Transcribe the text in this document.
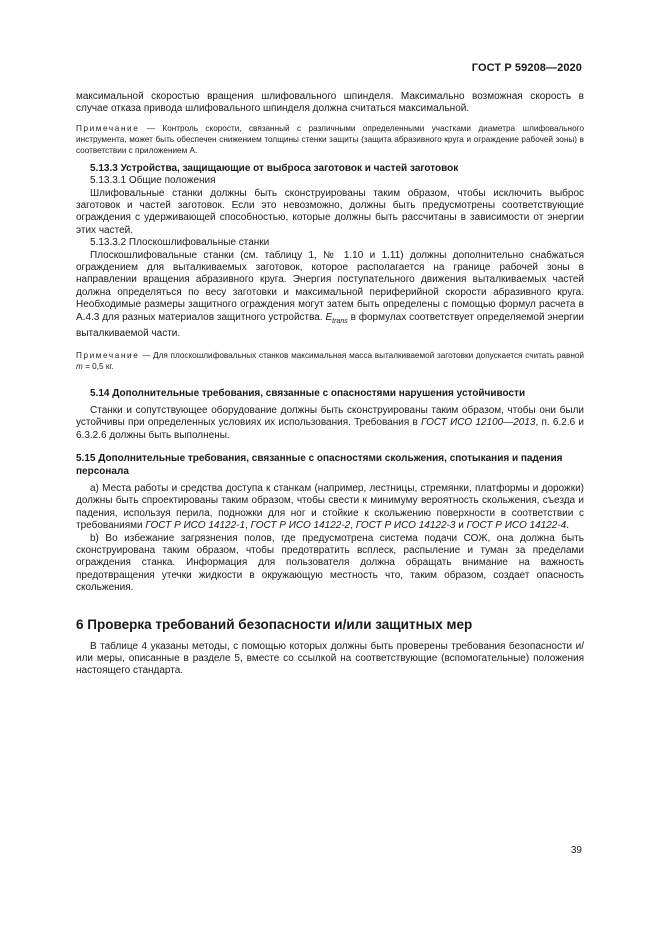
ГОСТ Р 59208—2020

максимальной скоростью вращения шлифовального шпинделя. Максимально возможная скорость в

случае отказа привода шлифовального шпинделя должна считаться максимальной.

Примечание — Контроль скорости, связанный с различными определенными участками диаметра шлифовального инструмента, может быть обеспечен снижением толщины стенки защиты (защита абразивного круга и ограждение рабочей зоны) в соответствии с приложением А.

5.13.3 Устройства, защищающие от выброса заготовок и частей заготовок

5.13.3.1 Общие положения

Шлифовальные станки должны быть сконструированы таким образом, чтобы исключить выброс заготовок и частей заготовок. Если это невозможно, должны быть предусмотрены соответствующие ограждения с удерживающей способностью, которые должны быть рассчитаны в зависимости от энергии этих частей.

5.13.3.2 Плоскошлифовальные станки

Плоскошлифовальные станки (см. таблицу 1, № 1.10 и 1.11) должны дополнительно снабжаться ограждением для выталкиваемых заготовок, которое располагается на границе рабочей зоны в направлении вращения абразивного круга. Энергия поступательного движения выталкиваемых частей должна определяться по весу заготовки и максимальной периферийной скорости абразивного круга. Необходимые размеры защитного ограждения могут затем быть определены с помощью формул расчета в А.4.3 для разных материалов защитного устройства. $E_{trans}$ в формулах соответствует определяемой энергии выталкиваемой части.

Примечание — Для плоскошлифовальных станков максимальная масса выталкиваемой заготовки допускается считать равной m = 0,5 кг.

5.14 Дополнительные требования, связанные с опасностями нарушения устойчивости

Станки и сопутствующее оборудование должны быть сконструированы таким образом, чтобы они были устойчивы при определенных условиях их использования. Требования в ГОСТ ИСО 12100—2013, п. 6.2.6 и 6.3.2.6 должны быть выполнены.

5.15 Дополнительные требования, связанные с опасностями скольжения, спотыкания и падения персонала

а) Места работы и средства доступа к станкам (например, лестницы, стремянки, платформы и дорожки) должны быть спроектированы таким образом, чтобы свести к минимуму вероятность скольжения, съезда и падения, используя перила, подножки для ног и стойкие к скольжению поверхности в соответствии с требованиями ГОСТ Р ИСО 14122-1, ГОСТ Р ИСО 14122-2, ГОСТ Р ИСО 14122-3 и ГОСТ Р ИСО 14122-4.

b) Во избежание загрязнения полов, где предусмотрена система подачи СОЖ, она должна быть сконструирована таким образом, чтобы предотвратить всплеск, распыление и туман за пределами ограждения станка. Информация для пользователя должна обращать внимание на важность предотвращения утечки жидкости в окружающую местность что, таким образом, создает опасность скольжения.

6 Проверка требований безопасности и/или защитных мер

В таблице 4 указаны методы, с помощью которых должны быть проверены требования безопасности и/или меры, описанные в разделе 5, вместе со ссылкой на соответствующие (вспомогательные) положения настоящего стандарта.

39
